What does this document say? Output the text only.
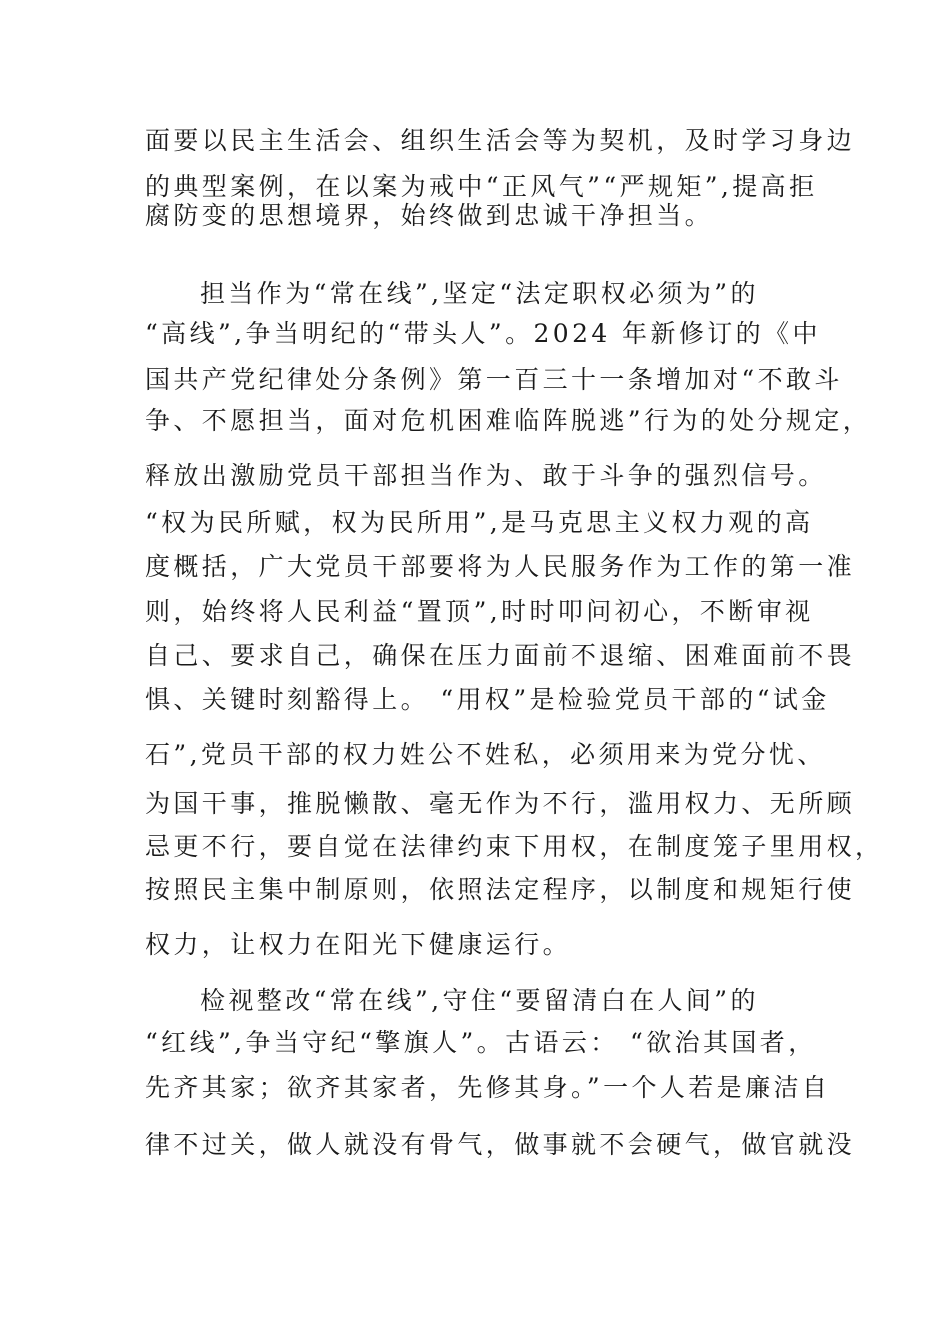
面要以民主生活会、组织生活会等为契机，及时学习身边
的典型案例，在以案为戒中“正风气”“严规矩”,提高拒
腐防变的思想境界，始终做到忠诚干净担当。
担当作为“常在线”,坚定“法定职权必须为”的
“高线”,争当明纪的“带头人”。2024 年新修订的《中
国共产党纪律处分条例》第一百三十一条增加对“不敢斗
争、不愿担当，面对危机困难临阵脱逃”行为的处分规定，
释放出激励党员干部担当作为、敢于斗争的强烈信号。
“权为民所赋，权为民所用”,是马克思主义权力观的高
度概括，广大党员干部要将为人民服务作为工作的第一准
则，始终将人民利益“置顶”,时时叩问初心，不断审视
自己、要求自己，确保在压力面前不退缩、困难面前不畏
惧、关键时刻豁得上。 “用权”是检验党员干部的“试金
石”,党员干部的权力姓公不姓私，必须用来为党分忧、
为国干事，推脱懒散、毫无作为不行，滥用权力、无所顾
忌更不行，要自觉在法律约束下用权，在制度笼子里用权，
按照民主集中制原则，依照法定程序，以制度和规矩行使
权力，让权力在阳光下健康运行。
检视整改“常在线”,守住“要留清白在人间”的
“红线”,争当守纪“擎旗人”。古语云： “欲治其国者，
先齐其家；欲齐其家者，先修其身。”一个人若是廉洁自
律不过关，做人就没有骨气，做事就不会硬气，做官就没
